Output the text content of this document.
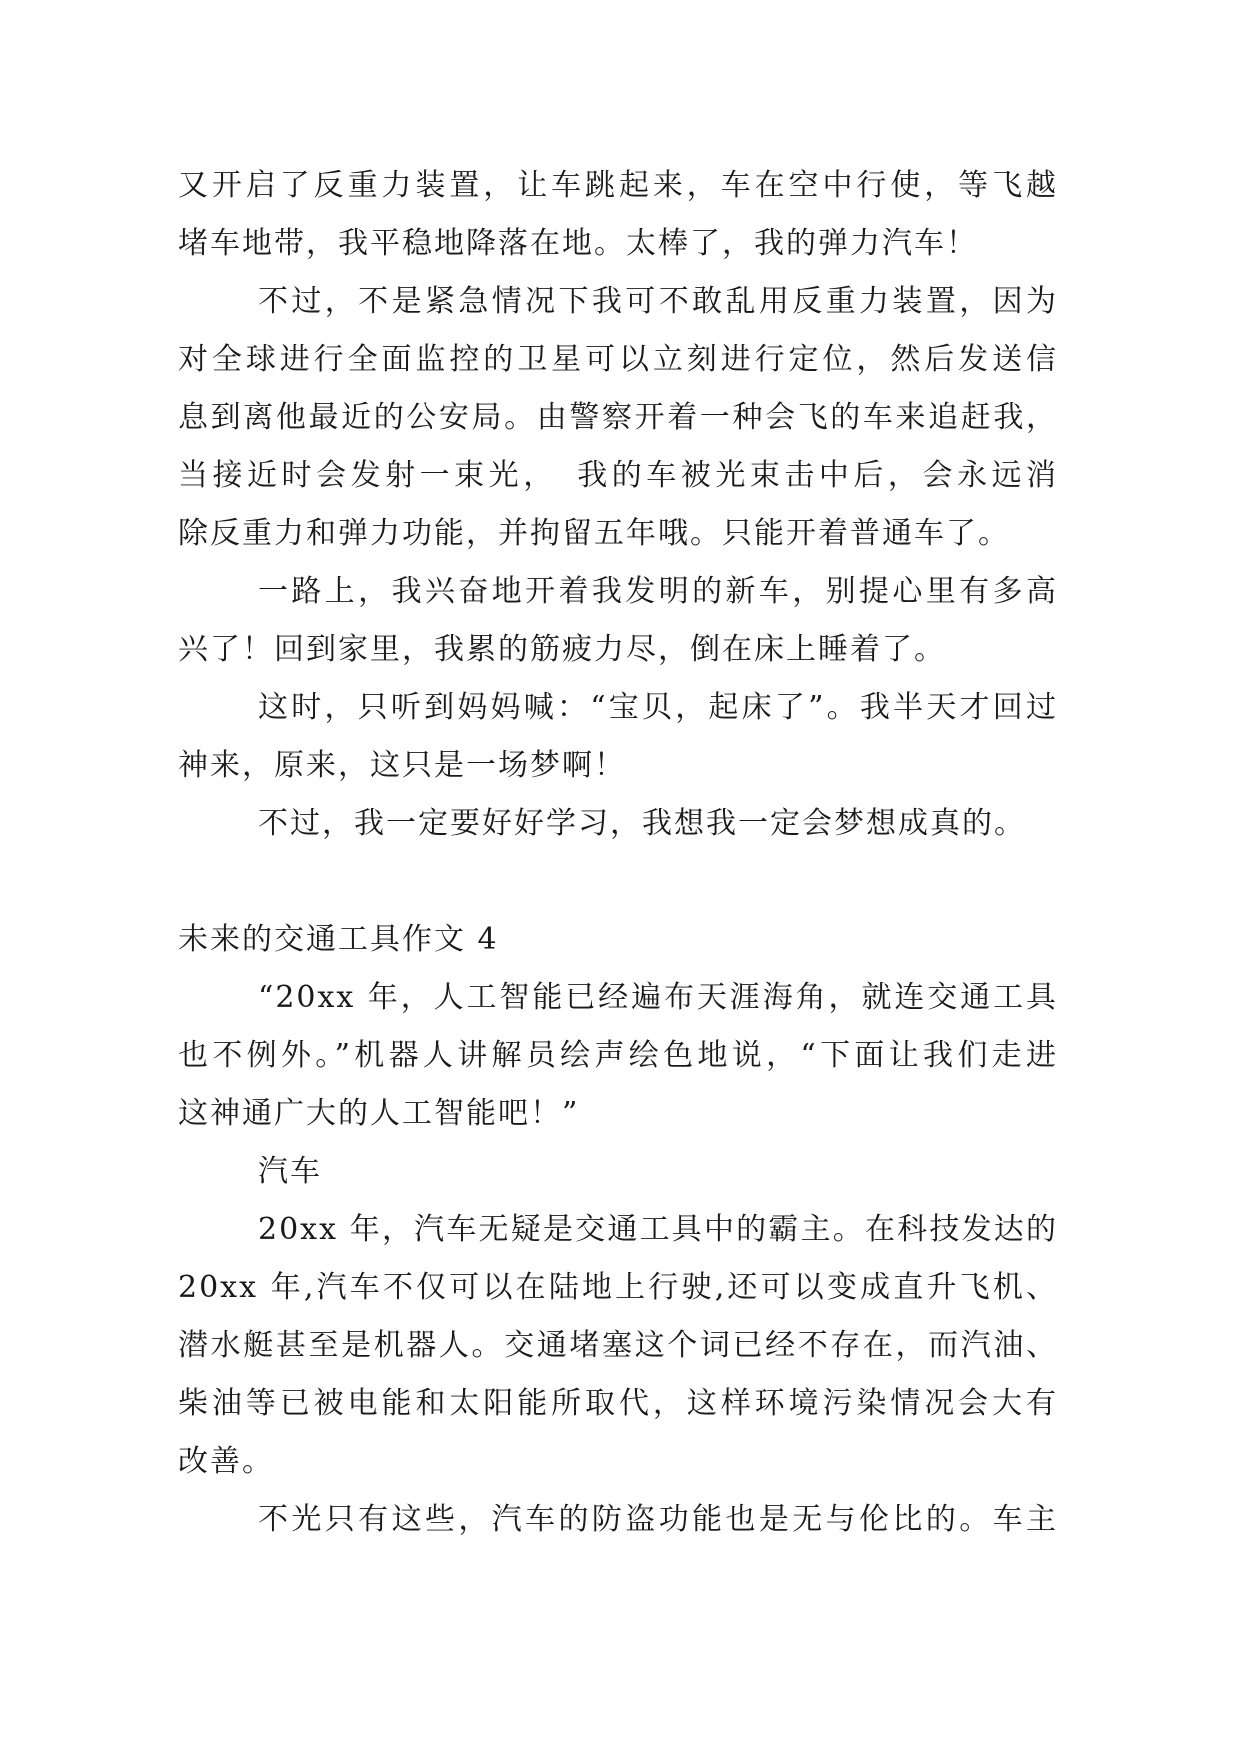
又开启了反重力装置，让车跳起来，车在空中行使，等飞越
堵车地带，我平稳地降落在地。太棒了，我的弹力汽车！
不过，不是紧急情况下我可不敢乱用反重力装置，因为
对全球进行全面监控的卫星可以立刻进行定位，然后发送信
息到离他最近的公安局。由警察开着一种会飞的车来追赶我，
当接近时会发射一束光，　我的车被光束击中后，会永远消
除反重力和弹力功能，并拘留五年哦。只能开着普通车了。
一路上，我兴奋地开着我发明的新车，别提心里有多高
兴了！回到家里，我累的筋疲力尽，倒在床上睡着了。
这时，只听到妈妈喊：“宝贝，起床了”。我半天才回过
神来，原来，这只是一场梦啊！
不过，我一定要好好学习，我想我一定会梦想成真的。
未来的交通工具作文 4
“20xx 年，人工智能已经遍布天涯海角，就连交通工具
也不例外。”机器人讲解员绘声绘色地说，“下面让我们走进
这神通广大的人工智能吧！”
汽车
20xx 年，汽车无疑是交通工具中的霸主。在科技发达的
20xx 年,汽车不仅可以在陆地上行驶,还可以变成直升飞机、
潜水艇甚至是机器人。交通堵塞这个词已经不存在，而汽油、
柴油等已被电能和太阳能所取代，这样环境污染情况会大有
改善。
不光只有这些，汽车的防盗功能也是无与伦比的。车主
